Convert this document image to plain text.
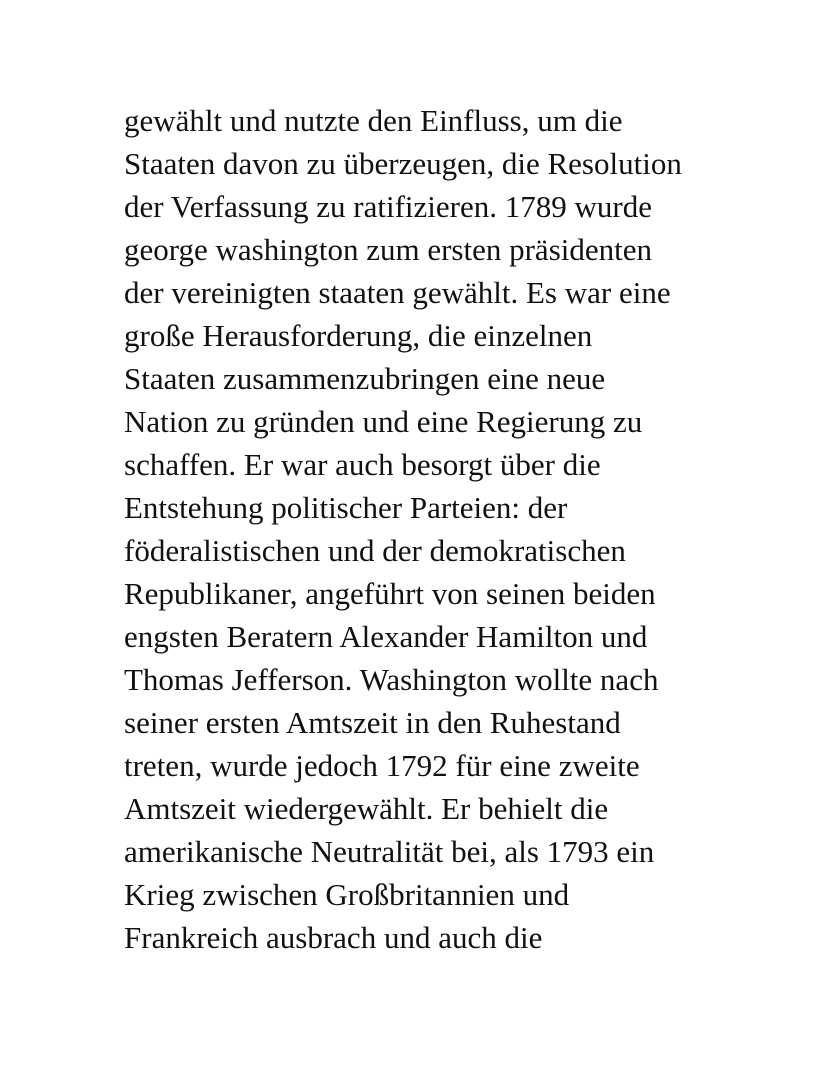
gewählt und nutzte den Einfluss, um die
Staaten davon zu überzeugen, die Resolution
der Verfassung zu ratifizieren. 1789 wurde
george washington zum ersten präsidenten
der vereinigten staaten gewählt. Es war eine
große Herausforderung, die einzelnen
Staaten zusammenzubringen eine neue
Nation zu gründen und eine Regierung zu
schaffen. Er war auch besorgt über die
Entstehung politischer Parteien: der
föderalistischen und der demokratischen
Republikaner, angeführt von seinen beiden
engsten Beratern Alexander Hamilton und
Thomas Jefferson. Washington wollte nach
seiner ersten Amtszeit in den Ruhestand
treten, wurde jedoch 1792 für eine zweite
Amtszeit wiedergewählt. Er behielt die
amerikanische Neutralität bei, als 1793 ein
Krieg zwischen Großbritannien und
Frankreich ausbrach und auch die
